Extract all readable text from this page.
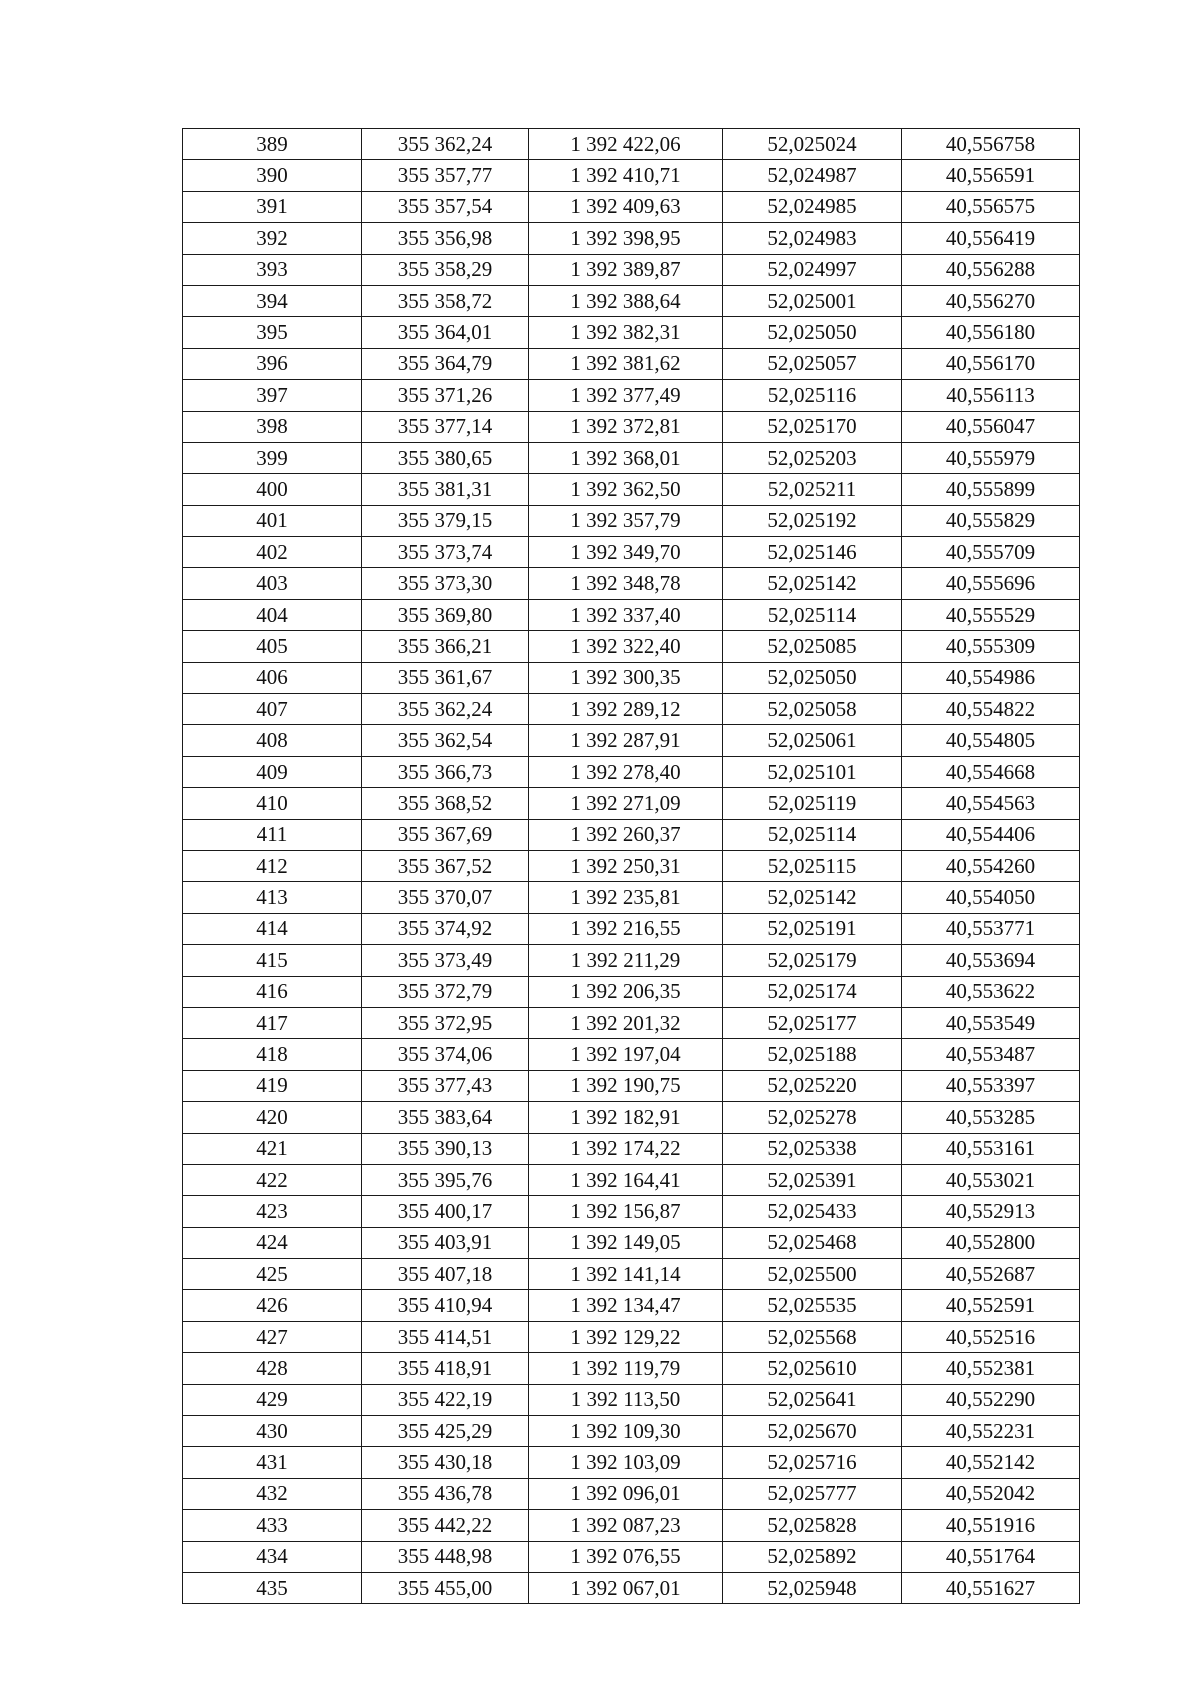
389	355 362,24	1 392 422,06	52,025024	40,556758
390	355 357,77	1 392 410,71	52,024987	40,556591
391	355 357,54	1 392 409,63	52,024985	40,556575
392	355 356,98	1 392 398,95	52,024983	40,556419
393	355 358,29	1 392 389,87	52,024997	40,556288
394	355 358,72	1 392 388,64	52,025001	40,556270
395	355 364,01	1 392 382,31	52,025050	40,556180
396	355 364,79	1 392 381,62	52,025057	40,556170
397	355 371,26	1 392 377,49	52,025116	40,556113
398	355 377,14	1 392 372,81	52,025170	40,556047
399	355 380,65	1 392 368,01	52,025203	40,555979
400	355 381,31	1 392 362,50	52,025211	40,555899
401	355 379,15	1 392 357,79	52,025192	40,555829
402	355 373,74	1 392 349,70	52,025146	40,555709
403	355 373,30	1 392 348,78	52,025142	40,555696
404	355 369,80	1 392 337,40	52,025114	40,555529
405	355 366,21	1 392 322,40	52,025085	40,555309
406	355 361,67	1 392 300,35	52,025050	40,554986
407	355 362,24	1 392 289,12	52,025058	40,554822
408	355 362,54	1 392 287,91	52,025061	40,554805
409	355 366,73	1 392 278,40	52,025101	40,554668
410	355 368,52	1 392 271,09	52,025119	40,554563
411	355 367,69	1 392 260,37	52,025114	40,554406
412	355 367,52	1 392 250,31	52,025115	40,554260
413	355 370,07	1 392 235,81	52,025142	40,554050
414	355 374,92	1 392 216,55	52,025191	40,553771
415	355 373,49	1 392 211,29	52,025179	40,553694
416	355 372,79	1 392 206,35	52,025174	40,553622
417	355 372,95	1 392 201,32	52,025177	40,553549
418	355 374,06	1 392 197,04	52,025188	40,553487
419	355 377,43	1 392 190,75	52,025220	40,553397
420	355 383,64	1 392 182,91	52,025278	40,553285
421	355 390,13	1 392 174,22	52,025338	40,553161
422	355 395,76	1 392 164,41	52,025391	40,553021
423	355 400,17	1 392 156,87	52,025433	40,552913
424	355 403,91	1 392 149,05	52,025468	40,552800
425	355 407,18	1 392 141,14	52,025500	40,552687
426	355 410,94	1 392 134,47	52,025535	40,552591
427	355 414,51	1 392 129,22	52,025568	40,552516
428	355 418,91	1 392 119,79	52,025610	40,552381
429	355 422,19	1 392 113,50	52,025641	40,552290
430	355 425,29	1 392 109,30	52,025670	40,552231
431	355 430,18	1 392 103,09	52,025716	40,552142
432	355 436,78	1 392 096,01	52,025777	40,552042
433	355 442,22	1 392 087,23	52,025828	40,551916
434	355 448,98	1 392 076,55	52,025892	40,551764
435	355 455,00	1 392 067,01	52,025948	40,551627
